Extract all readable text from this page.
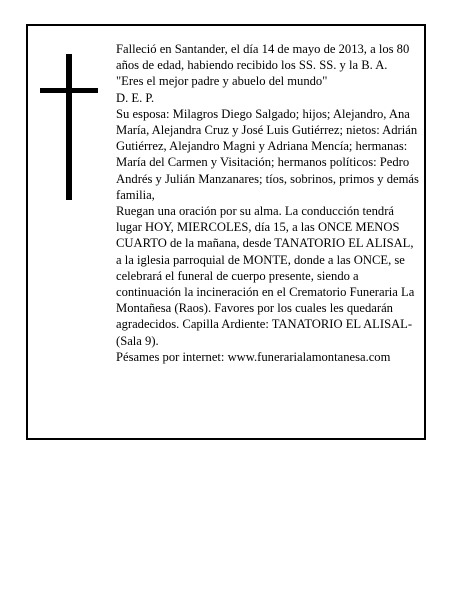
Falleció en Santander, el día 14 de mayo de 2013, a los 80 años de edad, habiendo recibido los SS. SS. y la B. A.

"Eres el mejor padre y abuelo del mundo"

D. E. P.

Su esposa: Milagros Diego Salgado; hijos; Alejandro, Ana María, Alejandra Cruz y José Luis Gutiérrez; nietos: Adrián Gutiérrez, Alejandro Magni y Adriana Mencía; hermanas: María del Carmen y Visitación; hermanos políticos: Pedro Andrés y Julián Manzanares; tíos, sobrinos, primos y demás familia,

Ruegan una oración por su alma. La conducción tendrá lugar HOY, MIERCOLES, día 15, a las ONCE MENOS CUARTO de la mañana, desde TANATORIO EL ALISAL, a la iglesia parroquial de MONTE, donde a las ONCE, se celebrará el funeral de cuerpo presente, siendo a continuación la incineración en el Crematorio Funeraria La Montañesa (Raos). Favores por los cuales les quedarán agradecidos. Capilla Ardiente: TANATORIO EL ALISAL-(Sala 9).

Pésames por internet: www.funerarialamontanesa.com
